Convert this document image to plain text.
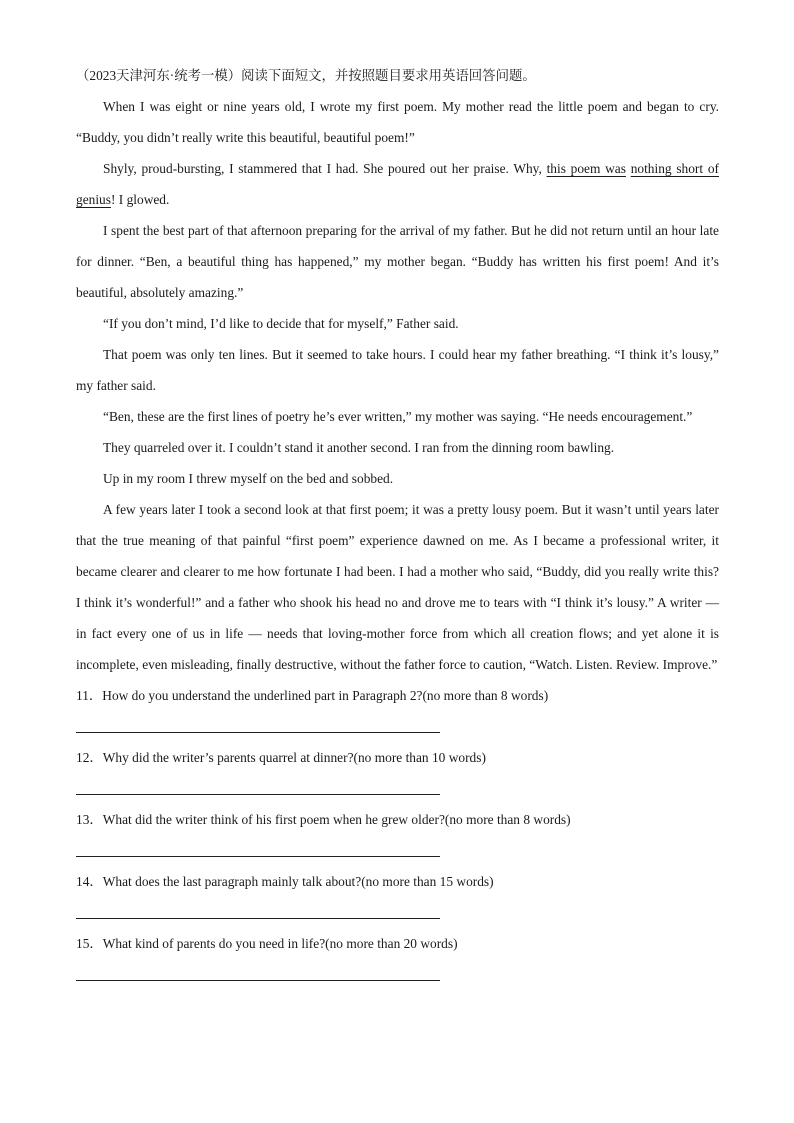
（2023天津河东·统考一模）阅读下面短文，并按照题目要求用英语回答问题。

When I was eight or nine years old, I wrote my first poem. My mother read the little poem and began to cry. “Buddy, you didn’t really write this beautiful, beautiful poem!”

Shyly, proud-bursting, I stammered that I had. She poured out her praise. Why, this poem was nothing short of genius! I glowed.

I spent the best part of that afternoon preparing for the arrival of my father. But he did not return until an hour late for dinner. “Ben, a beautiful thing has happened,” my mother began. “Buddy has written his first poem! And it’s beautiful, absolutely amazing.”

“If you don’t mind, I’d like to decide that for myself,” Father said.

That poem was only ten lines. But it seemed to take hours. I could hear my father breathing. “I think it’s lousy,” my father said.

“Ben, these are the first lines of poetry he’s ever written,” my mother was saying. “He needs encouragement.”

They quarreled over it. I couldn’t stand it another second. I ran from the dinning room bawling.

Up in my room I threw myself on the bed and sobbed.

A few years later I took a second look at that first poem; it was a pretty lousy poem. But it wasn’t until years later that the true meaning of that painful “first poem” experience dawned on me. As I became a professional writer, it became clearer and clearer to me how fortunate I had been. I had a mother who said, “Buddy, did you really write this? I think it’s wonderful!” and a father who shook his head no and drove me to tears with “I think it’s lousy.” A writer — in fact every one of us in life — needs that loving-mother force from which all creation flows; and yet alone it is incomplete, even misleading, finally destructive, without the father force to caution, “Watch. Listen. Review. Improve.”

11．How do you understand the underlined part in Paragraph 2?(no more than 8 words)

12．Why did the writer’s parents quarrel at dinner?(no more than 10 words)

13．What did the writer think of his first poem when he grew older?(no more than 8 words)

14．What does the last paragraph mainly talk about?(no more than 15 words)

15．What kind of parents do you need in life?(no more than 20 words)
